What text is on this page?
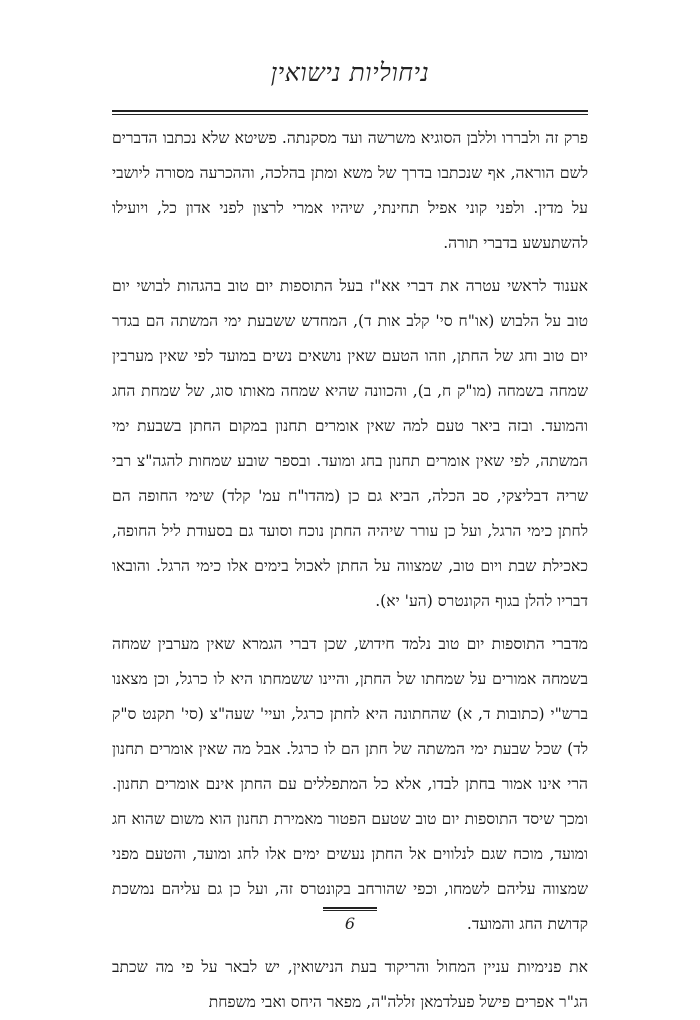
ניחוליות נישואין

פרק זה ולבררו וללבן הסוגיא משרשה ועד מסקנתה. פשיטא שלא נכתבו הדברים לשם הוראה, אף שנכתבו בדרך של משא ומתן בהלכה, וההכרעה מסורה ליושבי על מדין. ולפני קוני אפיל תחינתי, שיהיו אמרי לרצון לפני אדון כל, ויועילו להשתעשע בדברי תורה.

אענוד לראשי עטרה את דברי אא"ז בעל התוספות יום טוב בהגהות לבושי יום טוב על הלבוש (או"ח סי' קלב אות ד), המחדש ששבעת ימי המשתה הם בגדר יום טוב וחג של החתן, וזהו הטעם שאין נושאים נשים במועד לפי שאין מערבין שמחה בשמחה (מו"ק ח, ב), והכוונה שהיא שמחה מאותו סוג, של שמחת החג והמועד. ובזה ביאר טעם למה שאין אומרים תחנון במקום החתן בשבעת ימי המשתה, לפי שאין אומרים תחנון בחג ומועד. ובספר שובע שמחות להגה"צ רבי שריה דבליצקי, סב הכלה, הביא גם כן (מהדו"ח עמ' קלד) שימי החופה הם לחתן כימי הרגל, ועל כן עורר שיהיה החתן נוכח וסועד גם בסעודת ליל החופה, כאכילת שבת ויום טוב, שמצווה על החתן לאכול בימים אלו כימי הרגל. והובאו דבריו להלן בגוף הקונטרס (הע' יא).

מדברי התוספות יום טוב נלמד חידוש, שכן דברי הגמרא שאין מערבין שמחה בשמחה אמורים על שמחתו של החתן, והיינו ששמחתו היא לו כרגל, וכן מצאנו ברש"י (כתובות ד, א) שהחתונה היא לחתן כרגל, ועיי' שעה"צ (סי' תקנט ס"ק לד) שכל שבעת ימי המשתה של חתן הם לו כרגל. אבל מה שאין אומרים תחנון הרי אינו אמור בחתן לבדו, אלא כל המתפללים עם החתן אינם אומרים תחנון. ומכך שיסד התוספות יום טוב שטעם הפטור מאמירת תחנון הוא משום שהוא חג ומועד, מוכח שגם לנלווים אל החתן נעשים ימים אלו לחג ומועד, והטעם מפני שמצווה עליהם לשמחו, וכפי שהורחב בקונטרס זה, ועל כן גם עליהם נמשכת קדושת החג והמועד.

את פנימיות עניין המחול והריקוד בעת הנישואין, יש לבאר על פי מה שכתב הג"ר אפרים פישל פעלדמאן זללה"ה, מפאר היחס ואבי משפחת

6
